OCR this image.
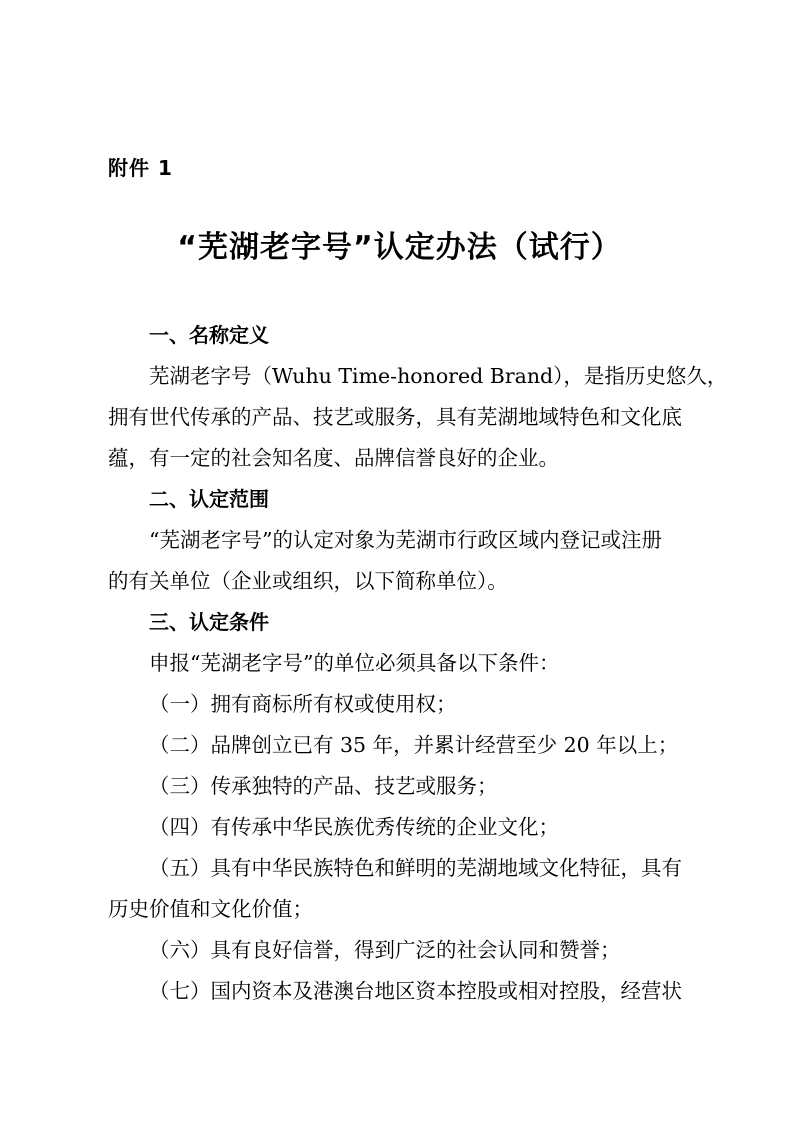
附件 1
“芜湖老字号”认定办法（试行）
一、名称定义
芜湖老字号（Wuhu Time-honored Brand），是指历史悠久，
拥有世代传承的产品、技艺或服务，具有芜湖地域特色和文化底
蕴，有一定的社会知名度、品牌信誉良好的企业。
二、认定范围
“芜湖老字号”的认定对象为芜湖市行政区域内登记或注册
的有关单位（企业或组织，以下简称单位）。
三、认定条件
申报“芜湖老字号”的单位必须具备以下条件：
（一）拥有商标所有权或使用权；
（二）品牌创立已有 35 年，并累计经营至少 20 年以上；
（三）传承独特的产品、技艺或服务；
（四）有传承中华民族优秀传统的企业文化；
（五）具有中华民族特色和鲜明的芜湖地域文化特征，具有
历史价值和文化价值；
（六）具有良好信誉，得到广泛的社会认同和赞誉；
（七）国内资本及港澳台地区资本控股或相对控股，经营状
